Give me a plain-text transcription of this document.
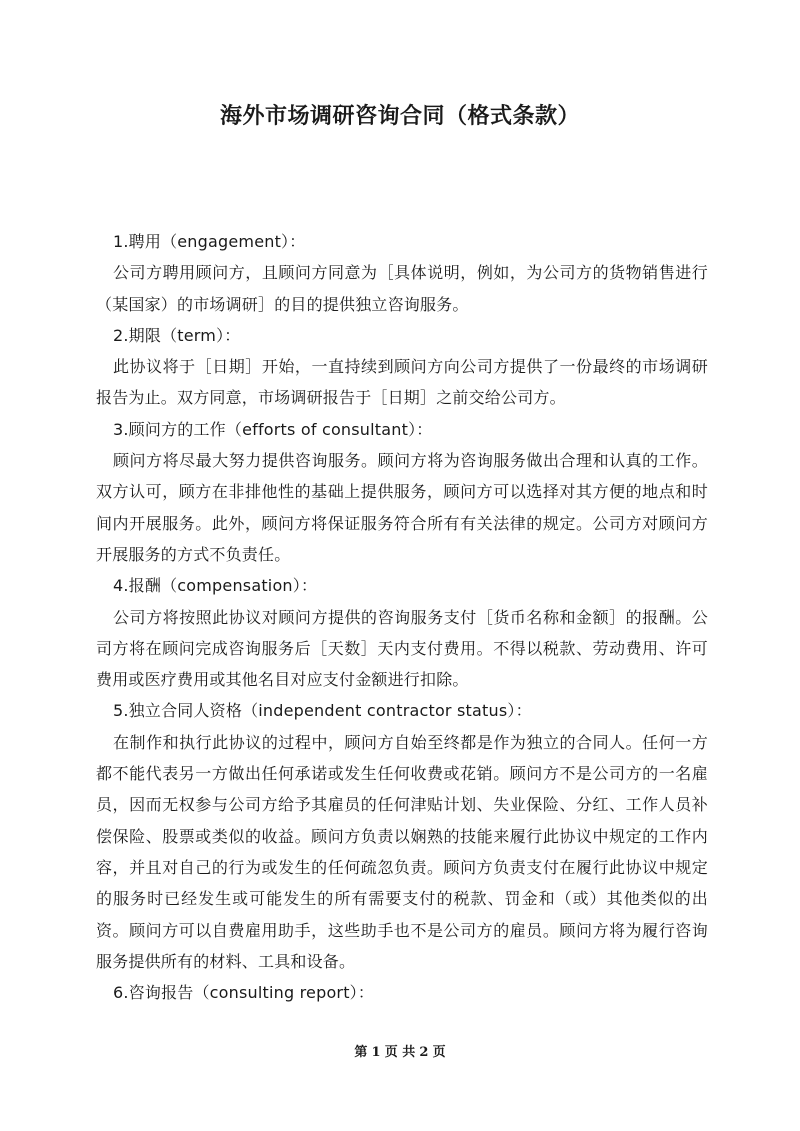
海外市场调研咨询合同（格式条款）

1.聘用（engagement）：

公司方聘用顾问方，且顾问方同意为［具体说明，例如，为公司方的货物销售进行（某国家）的市场调研］的目的提供独立咨询服务。

2.期限（term）：

此协议将于［日期］开始，一直持续到顾问方向公司方提供了一份最终的市场调研报告为止。双方同意，市场调研报告于［日期］之前交给公司方。

3.顾问方的工作（efforts of consultant）：

顾问方将尽最大努力提供咨询服务。顾问方将为咨询服务做出合理和认真的工作。双方认可，顾方在非排他性的基础上提供服务，顾问方可以选择对其方便的地点和时间内开展服务。此外，顾问方将保证服务符合所有有关法律的规定。公司方对顾问方开展服务的方式不负责任。

4.报酬（compensation）：

公司方将按照此协议对顾问方提供的咨询服务支付［货币名称和金额］的报酬。公司方将在顾问完成咨询服务后［天数］天内支付费用。不得以税款、劳动费用、许可费用或医疗费用或其他名目对应支付金额进行扣除。

5.独立合同人资格（independent contractor status）：

在制作和执行此协议的过程中，顾问方自始至终都是作为独立的合同人。任何一方都不能代表另一方做出任何承诺或发生任何收费或花销。顾问方不是公司方的一名雇员，因而无权参与公司方给予其雇员的任何津贴计划、失业保险、分红、工作人员补偿保险、股票或类似的收益。顾问方负责以娴熟的技能来履行此协议中规定的工作内容，并且对自己的行为或发生的任何疏忽负责。顾问方负责支付在履行此协议中规定的服务时已经发生或可能发生的所有需要支付的税款、罚金和（或）其他类似的出资。顾问方可以自费雇用助手，这些助手也不是公司方的雇员。顾问方将为履行咨询服务提供所有的材料、工具和设备。

6.咨询报告（consulting report）：

第 1 页 共 2 页
